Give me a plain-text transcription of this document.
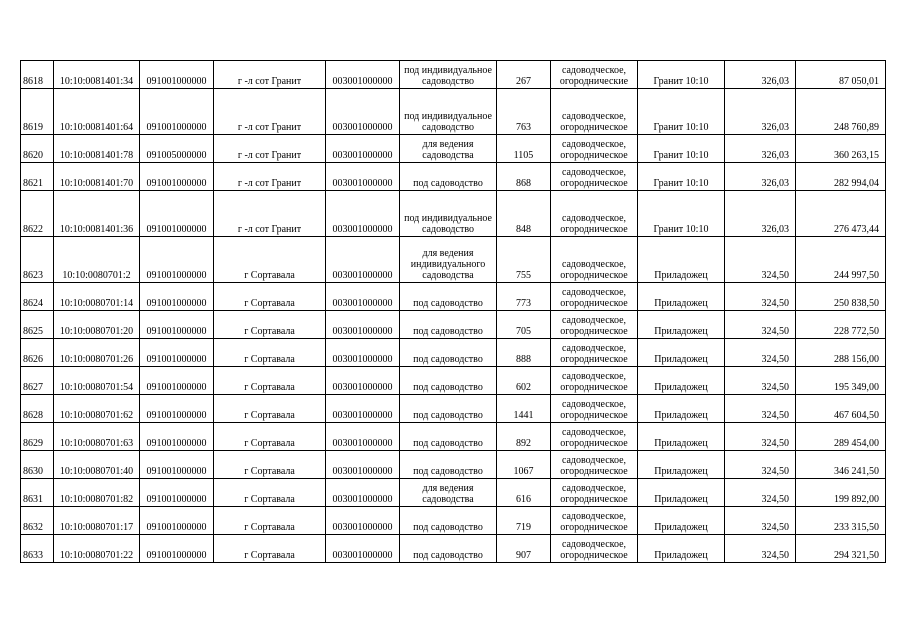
8618	10:10:0081401:34	091001000000	г -л сот Гранит	003001000000	под индивидуальное садоводство	267	садоводческое, огороднические	Гранит 10:10	326,03	87 050,01
8619	10:10:0081401:64	091001000000	г -л сот Гранит	003001000000	под индивидуальное садоводство	763	садоводческое, огородническое	Гранит 10:10	326,03	248 760,89
8620	10:10:0081401:78	091005000000	г -л сот Гранит	003001000000	для ведения садоводства	1105	садоводческое, огородническое	Гранит 10:10	326,03	360 263,15
8621	10:10:0081401:70	091001000000	г -л сот Гранит	003001000000	под садоводство	868	садоводческое, огородническое	Гранит 10:10	326,03	282 994,04
8622	10:10:0081401:36	091001000000	г -л сот Гранит	003001000000	под индивидуальное садоводство	848	садоводческое, огородническое	Гранит 10:10	326,03	276 473,44
8623	10:10:0080701:2	091001000000	г Сортавала	003001000000	для ведения индивидуального садоводства	755	садоводческое, огородническое	Приладожец	324,50	244 997,50
8624	10:10:0080701:14	091001000000	г Сортавала	003001000000	под садоводство	773	садоводческое, огородническое	Приладожец	324,50	250 838,50
8625	10:10:0080701:20	091001000000	г Сортавала	003001000000	под садоводство	705	садоводческое, огородническое	Приладожец	324,50	228 772,50
8626	10:10:0080701:26	091001000000	г Сортавала	003001000000	под садоводство	888	садоводческое, огородническое	Приладожец	324,50	288 156,00
8627	10:10:0080701:54	091001000000	г Сортавала	003001000000	под садоводство	602	садоводческое, огородническое	Приладожец	324,50	195 349,00
8628	10:10:0080701:62	091001000000	г Сортавала	003001000000	под садоводство	1441	садоводческое, огородническое	Приладожец	324,50	467 604,50
8629	10:10:0080701:63	091001000000	г Сортавала	003001000000	под садоводство	892	садоводческое, огородническое	Приладожец	324,50	289 454,00
8630	10:10:0080701:40	091001000000	г Сортавала	003001000000	под садоводство	1067	садоводческое, огородническое	Приладожец	324,50	346 241,50
8631	10:10:0080701:82	091001000000	г Сортавала	003001000000	для ведения садоводства	616	садоводческое, огородническое	Приладожец	324,50	199 892,00
8632	10:10:0080701:17	091001000000	г Сортавала	003001000000	под садоводство	719	садоводческое, огородническое	Приладожец	324,50	233 315,50
8633	10:10:0080701:22	091001000000	г Сортавала	003001000000	под садоводство	907	садоводческое, огородническое	Приладожец	324,50	294 321,50
